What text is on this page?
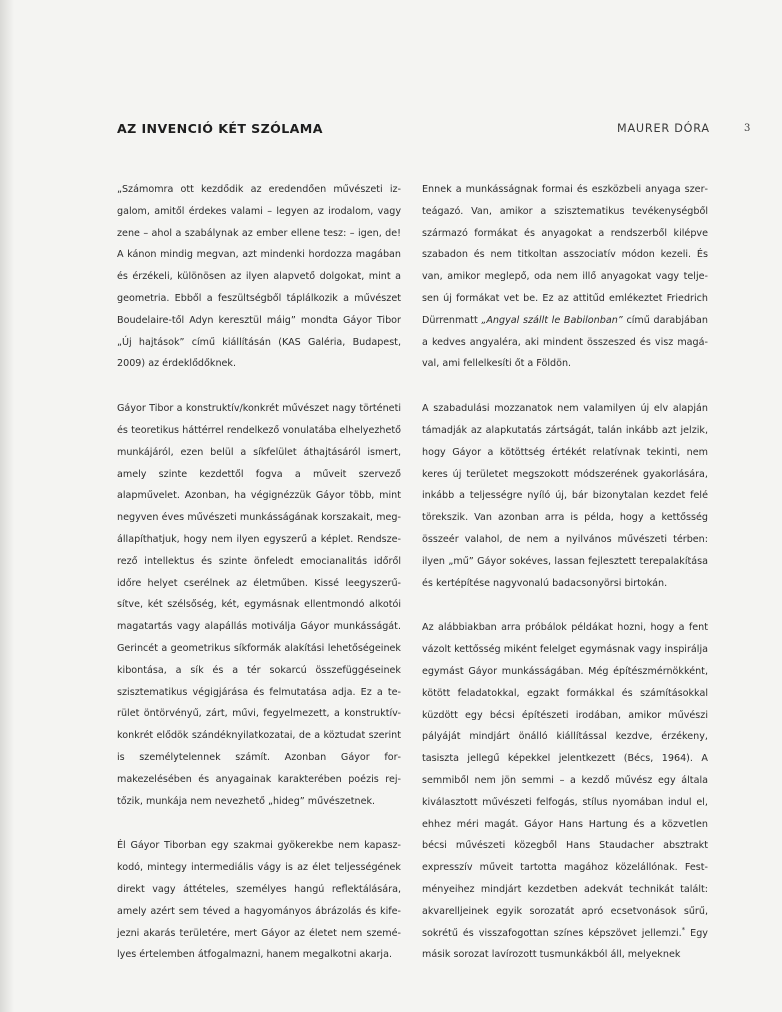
AZ INVENCIÓ KÉT SZÓLAMA	MAURER DÓRA	3

„Számomra ott kezdődik az eredendően művészeti izgalom, amitől érdekes valami – legyen az irodalom, vagy zene – ahol a szabálynak az ember ellene tesz: – igen, de! A kánon mindig megvan, azt mindenki hordozza magában és érzékeli, különösen az ilyen alapvető dolgokat, mint a geometria. Ebből a feszültségből táplálkozik a művészet Boudelaire-től Adyn keresztül máig” mondta Gáyor Tibor „Új hajtások” című kiállításán (KAS Galéria, Budapest, 2009) az érdeklődőknek.

Gáyor Tibor a konstruktív/konkrét művészet nagy történeti és teoretikus háttérrel rendelkező vonulatába elhelyezhető munkájáról, ezen belül a síkfelület áthajtásáról ismert, amely szinte kezdettől fogva a műveit szervező alapművelet. Azonban, ha végignézzük Gáyor több, mint negyven éves művészeti munkásságának korszakait, megállapíthatjuk, hogy nem ilyen egyszerű a képlet. Rendszerező intellektus és szinte önfeledt emocianalitás időről időre helyet cserélnek az életműben. Kissé leegyszerűsítve, két szélsőség, két, egymásnak ellentmondó alkotói magatartás vagy alapállás motiválja Gáyor munkásságát. Gerincét a geometrikus síkformák alakítási lehetőségeinek kibontása, a sík és a tér sokarcú összefüggéseinek szisztematikus végigjárása és felmutatása adja. Ez a terület öntörvényű, zárt, művi, fegyelmezett, a konstruktív-konkrét elődök szándéknyilatkozatai, de a köztudat szerint is személytelennek számít. Azonban Gáyor formakezelésében és anyagainak karakterében poézis rejtőzik, munkája nem nevezhető „hideg” művészetnek.

Él Gáyor Tiborban egy szakmai gyökerekbe nem kapaszkodó, mintegy intermediális vágy is az élet teljességének direkt vagy áttételes, személyes hangú reflektálására, amely azért sem téved a hagyományos ábrázolás és kifejezni akarás területére, mert Gáyor az életet nem személyes értelemben átfogalmazni, hanem megalkotni akarja.

Ennek a munkásságnak formai és eszközbeli anyaga szerteágazó. Van, amikor a szisztematikus tevékenységből származó formákat és anyagokat a rendszerből kilépve szabadon és nem titkoltan asszociatív módon kezeli. És van, amikor meglepő, oda nem illő anyagokat vagy teljesen új formákat vet be. Ez az attitűd emlékeztet Friedrich Dürrenmatt „Angyal szállt le Babilonban” című darabjában a kedves angyaléra, aki mindent összeszed és visz magával, ami fellelkesíti őt a Földön.

A szabadulási mozzanatok nem valamilyen új elv alapján támadják az alapkutatás zártságát, talán inkább azt jelzik, hogy Gáyor a kötöttség értékét relatívnak tekinti, nem keres új területet megszokott módszerének gyakorlására, inkább a teljességre nyíló új, bár bizonytalan kezdet felé törekszik. Van azonban arra is példa, hogy a kettősség összeér valahol, de nem a nyilvános művészeti térben: ilyen „mű” Gáyor sokéves, lassan fejlesztett terepalakítása és kertépítése nagyvonalú badacsonyörsi birtokán.

Az alábbiakban arra próbálok példákat hozni, hogy a fent vázolt kettősség miként felelget egymásnak vagy inspirálja egymást Gáyor munkásságában. Még építészmérnökként, kötött feladatokkal, egzakt formákkal és számításokkal küzdött egy bécsi építészeti irodában, amikor művészi pályáját mindjárt önálló kiállítással kezdve, érzékeny, tasiszta jellegű képekkel jelentkezett (Bécs, 1964). A semmiből nem jön semmi – a kezdő művész egy általa kiválasztott művészeti felfogás, stílus nyomában indul el, ehhez méri magát. Gáyor Hans Hartung és a közvetlen bécsi művészeti közegből Hans Staudacher absztrakt expresszív műveit tartotta magához közelállónak. Festményeihez mindjárt kezdetben adekvát technikát talált: akvarelljeinek egyik sorozatát apró ecsetvonások sűrű, sokrétű és visszafogottan színes képszövet jellemzi.* Egy másik sorozat lavírozott tusmunkákból áll, melyeknek
